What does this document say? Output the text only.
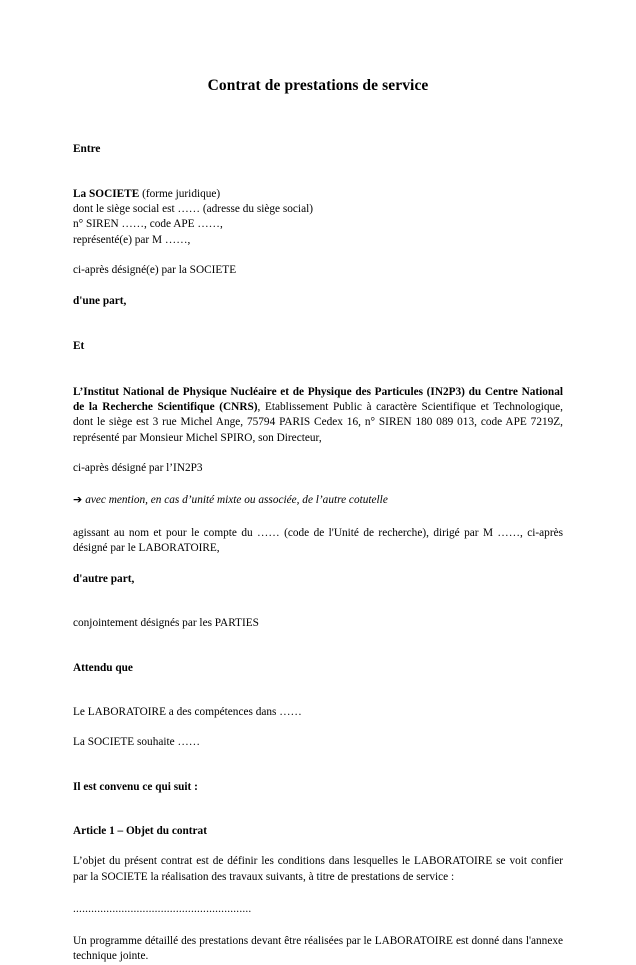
Contrat de prestations de service

Entre

La SOCIETE (forme juridique)
dont le siège social est …… (adresse du siège social)
n° SIREN ……, code APE ……,
représenté(e) par M ……,

ci-après désigné(e) par la SOCIETE

d'une part,

Et

L’Institut National de Physique Nucléaire et de Physique des Particules (IN2P3) du Centre National de la Recherche Scientifique (CNRS), Etablissement Public à caractère Scientifique et Technologique, dont le siège est 3 rue Michel Ange, 75794 PARIS Cedex 16, n° SIREN 180 089 013, code APE 7219Z, représenté par Monsieur Michel SPIRO, son Directeur,

ci-après désigné par l’IN2P3

➔ avec mention, en cas d’unité mixte ou associée, de l’autre cotutelle

agissant au nom et pour le compte du …… (code de l'Unité de recherche), dirigé par M ……, ci-après désigné par le LABORATOIRE,

d'autre part,

conjointement désignés par les PARTIES

Attendu que

Le LABORATOIRE a des compétences dans ……

La SOCIETE souhaite ……

Il est convenu ce qui suit :

Article 1 – Objet du contrat

L’objet du présent contrat est de définir les conditions dans lesquelles le LABORATOIRE se voit confier par la SOCIETE la réalisation des travaux suivants, à titre de prestations de service :

...........................................................

Un programme détaillé des prestations devant être réalisées par le LABORATOIRE est donné dans l'annexe technique jointe.
